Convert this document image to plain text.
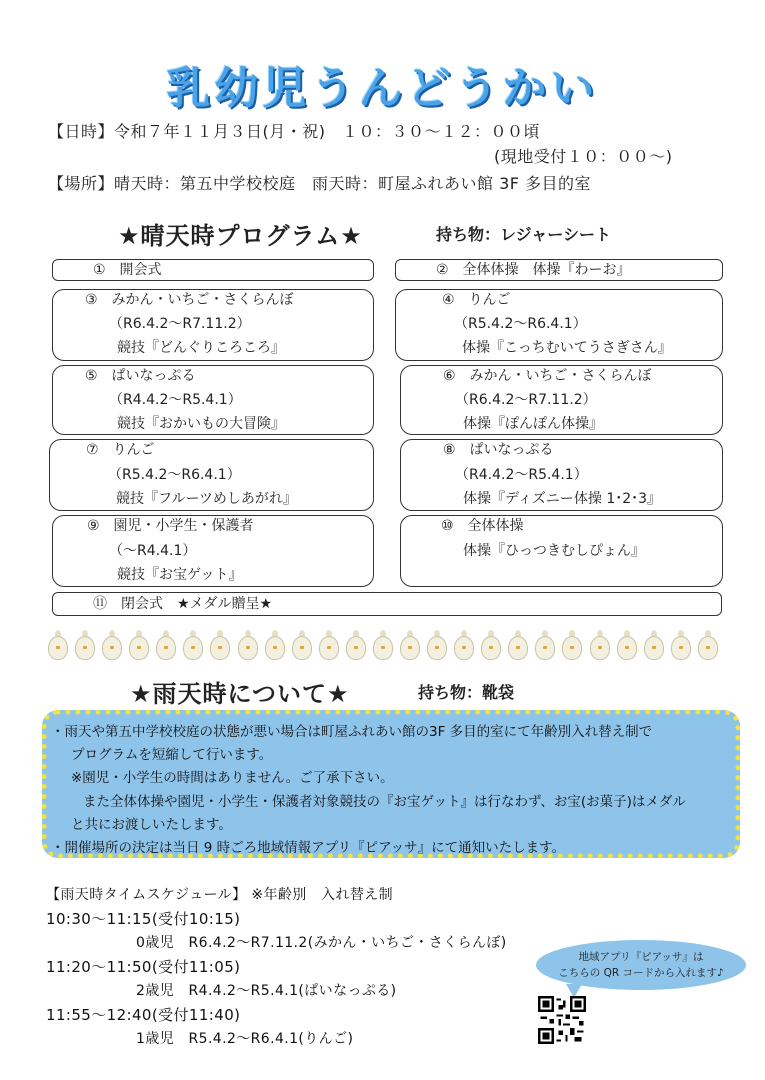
乳幼児うんどうかい
【日時】令和７年１１月３日(月・祝)　１０：３０～１２：００頃
(現地受付１０：００～)
【場所】晴天時：第五中学校校庭　雨天時：町屋ふれあい館 3F 多目的室
★晴天時プログラム★	持ち物：レジャーシート
①　開会式	②　全体体操　体操『わーお』
③　みかん・いちご・さくらんぼ
（R6.4.2～R7.11.2）
競技『どんぐりころころ』
④　りんご
（R5.4.2～R6.4.1）
体操『こっちむいてうさぎさん』
⑤　ぱいなっぷる
（R4.4.2～R5.4.1）
競技『おかいもの大冒険』
⑥　みかん・いちご・さくらんぼ
（R6.4.2～R7.11.2）
体操『ぽんぽん体操』
⑦　りんご
（R5.4.2～R6.4.1）
競技『フルーツめしあがれ』
⑧　ぱいなっぷる
（R4.4.2～R5.4.1）
体操『ディズニー体操 1･2･3』
⑨　園児・小学生・保護者
（～R4.4.1）
競技『お宝ゲット』
⑩　全体体操
体操『ひっつきむしぴょん』
⑪　閉会式　★メダル贈呈★
★雨天時について★	持ち物：靴袋
・雨天や第五中学校校庭の状態が悪い場合は町屋ふれあい館の3F 多目的室にて年齢別入れ替え制で
プログラムを短縮して行います。
※園児・小学生の時間はありません。ご了承下さい。
また全体体操や園児・小学生・保護者対象競技の『お宝ゲット』は行なわず、お宝(お菓子)はメダル
と共にお渡しいたします。
・開催場所の決定は当日 9 時ごろ地域情報アプリ『ピアッサ』にて通知いたします。
【雨天時タイムスケジュール】 ※年齢別　入れ替え制
10:30～11:15(受付10:15)
0歳児　R6.4.2～R7.11.2(みかん・いちご・さくらんぼ)
11:20～11:50(受付11:05)
2歳児　R4.4.2～R5.4.1(ぱいなっぷる)
11:55～12:40(受付11:40)
1歳児　R5.4.2～R6.4.1(りんご)
地域アプリ『ピアッサ』は
こちらの QR コードから入れます♪
